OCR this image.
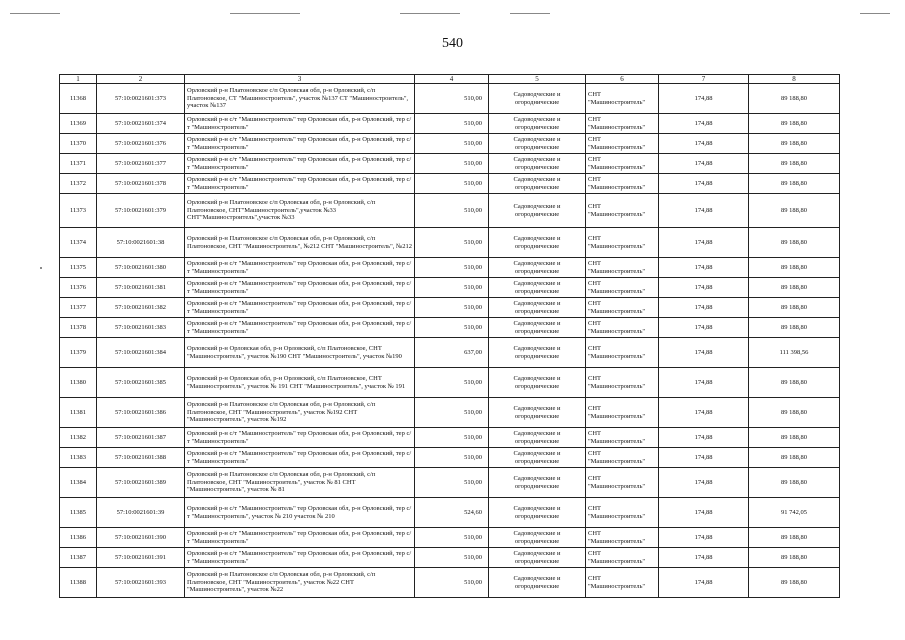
540
1	2	3	4	5	6	7	8
11368	57:10:0021601:373	Орловский р-н Платоновское с/п Орловская обл, р-н Орловский, с/п Платоновское, СТ "Машиностроитель", участок №137 СТ "Машиностроитель", участок №137	510,00	Садоводческие и огороднические	СНТ "Машиностроитель"	174,88	89 188,80
11369	57:10:0021601:374	Орловский р-н с/т "Машиностроитель" тер Орловская обл, р-н Орловский, тер с/т "Машиностроитель"	510,00	Садоводческие и огороднические	СНТ "Машиностроитель"	174,88	89 188,80
11370	57:10:0021601:376	Орловский р-н с/т "Машиностроитель" тер Орловская обл, р-н Орловский, тер с/т "Машиностроитель"	510,00	Садоводческие и огороднические	СНТ "Машиностроитель"	174,88	89 188,80
11371	57:10:0021601:377	Орловский р-н с/т "Машиностроитель" тер Орловская обл, р-н Орловский, тер с/т "Машиностроитель"	510,00	Садоводческие и огороднические	СНТ "Машиностроитель"	174,88	89 188,80
11372	57:10:0021601:378	Орловский р-н с/т "Машиностроитель" тер Орловская обл, р-н Орловский, тер с/т "Машиностроитель"	510,00	Садоводческие и огороднические	СНТ "Машиностроитель"	174,88	89 188,80
11373	57:10:0021601:379	Орловский р-н Платоновское с/п Орловская обл, р-н Орловский, с/п Платоновское, СНТ"Машиностроитель",участок №33 СНТ"Машиностроитель",участок №33	510,00	Садоводческие и огороднические	СНТ "Машиностроитель"	174,88	89 188,80
11374	57:10:0021601:38	Орловский р-н Платоновское с/п Орловская обл, р-н Орловский, с/п Платоновское, СНТ "Машиностроитель", №212 СНТ "Машиностроитель", №212	510,00	Садоводческие и огороднические	СНТ "Машиностроитель"	174,88	89 188,80
11375	57:10:0021601:380	Орловский р-н с/т "Машиностроитель" тер Орловская обл, р-н Орловский, тер с/т "Машиностроитель"	510,00	Садоводческие и огороднические	СНТ "Машиностроитель"	174,88	89 188,80
11376	57:10:0021601:381	Орловский р-н с/т "Машиностроитель" тер Орловская обл, р-н Орловский, тер с/т "Машиностроитель"	510,00	Садоводческие и огороднические	СНТ "Машиностроитель"	174,88	89 188,80
11377	57:10:0021601:382	Орловский р-н с/т "Машиностроитель" тер Орловская обл, р-н Орловский, тер с/т "Машиностроитель"	510,00	Садоводческие и огороднические	СНТ "Машиностроитель"	174,88	89 188,80
11378	57:10:0021601:383	Орловский р-н с/т "Машиностроитель" тер Орловская обл, р-н Орловский, тер с/т "Машиностроитель"	510,00	Садоводческие и огороднические	СНТ "Машиностроитель"	174,88	89 188,80
11379	57:10:0021601:384	Орловский р-н Орловская обл, р-н Орловский, с/п Платоновское, СНТ "Машиностроитель", участок №190 СНТ "Машиностроитель", участок №190	637,00	Садоводческие и огороднические	СНТ "Машиностроитель"	174,88	111 398,56
11380	57:10:0021601:385	Орловский р-н Орловская обл, р-н Орловский, с/п Платоновское, СНТ "Машиностроитель", участок № 191 СНТ "Машиностроитель", участок № 191	510,00	Садоводческие и огороднические	СНТ "Машиностроитель"	174,88	89 188,80
11381	57:10:0021601:386	Орловский р-н Платоновское с/п Орловская обл, р-н Орловский, с/п Платоновское, СНТ "Машиностроитель", участок №192 СНТ "Машиностроитель", участок №192	510,00	Садоводческие и огороднические	СНТ "Машиностроитель"	174,88	89 188,80
11382	57:10:0021601:387	Орловский р-н с/т "Машиностроитель" тер Орловская обл, р-н Орловский, тер с/т "Машиностроитель"	510,00	Садоводческие и огороднические	СНТ "Машиностроитель"	174,88	89 188,80
11383	57:10:0021601:388	Орловский р-н с/т "Машиностроитель" тер Орловская обл, р-н Орловский, тер с/т "Машиностроитель"	510,00	Садоводческие и огороднические	СНТ "Машиностроитель"	174,88	89 188,80
11384	57:10:0021601:389	Орловский р-н Платоновское с/п Орловская обл, р-н Орловский, с/п Платоновское, СНТ "Машиностроитель", участок № 81 СНТ "Машиностроитель", участок № 81	510,00	Садоводческие и огороднические	СНТ "Машиностроитель"	174,88	89 188,80
11385	57:10:0021601:39	Орловский р-н с/т "Машиностроитель" тер Орловская обл, р-н Орловский, тер с/т "Машиностроитель", участок № 210 участок № 210	524,60	Садоводческие и огороднические	СНТ "Машиностроитель"	174,88	91 742,05
11386	57:10:0021601:390	Орловский р-н с/т "Машиностроитель" тер Орловская обл, р-н Орловский, тер с/т "Машиностроитель"	510,00	Садоводческие и огороднические	СНТ "Машиностроитель"	174,88	89 188,80
11387	57:10:0021601:391	Орловский р-н с/т "Машиностроитель" тер Орловская обл, р-н Орловский, тер с/т "Машиностроитель"	510,00	Садоводческие и огороднические	СНТ "Машиностроитель"	174,88	89 188,80
11388	57:10:0021601:393	Орловский р-н Платоновское с/п Орловская обл, р-н Орловский, с/п Платоновское, СНТ "Машиностроитель", участок №22 СНТ "Машиностроитель", участок №22	510,00	Садоводческие и огороднические	СНТ "Машиностроитель"	174,88	89 188,80
